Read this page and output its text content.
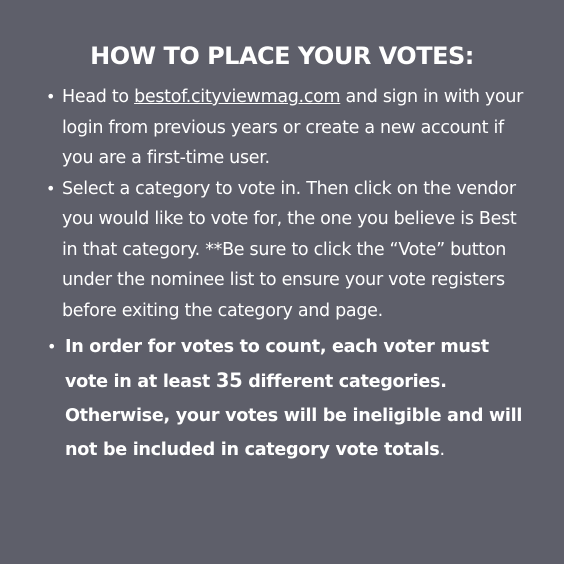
HOW TO PLACE YOUR VOTES:
• Head to bestof.cityviewmag.com and sign in with your login from previous years or create a new account if you are a first-time user.
• Select a category to vote in. Then click on the vendor you would like to vote for, the one you believe is Best in that category. **Be sure to click the “Vote” button under the nominee list to ensure your vote registers before exiting the category and page.
• In order for votes to count, each voter must vote in at least 35 different categories. Otherwise, your votes will be ineligible and will not be included in category vote totals.
